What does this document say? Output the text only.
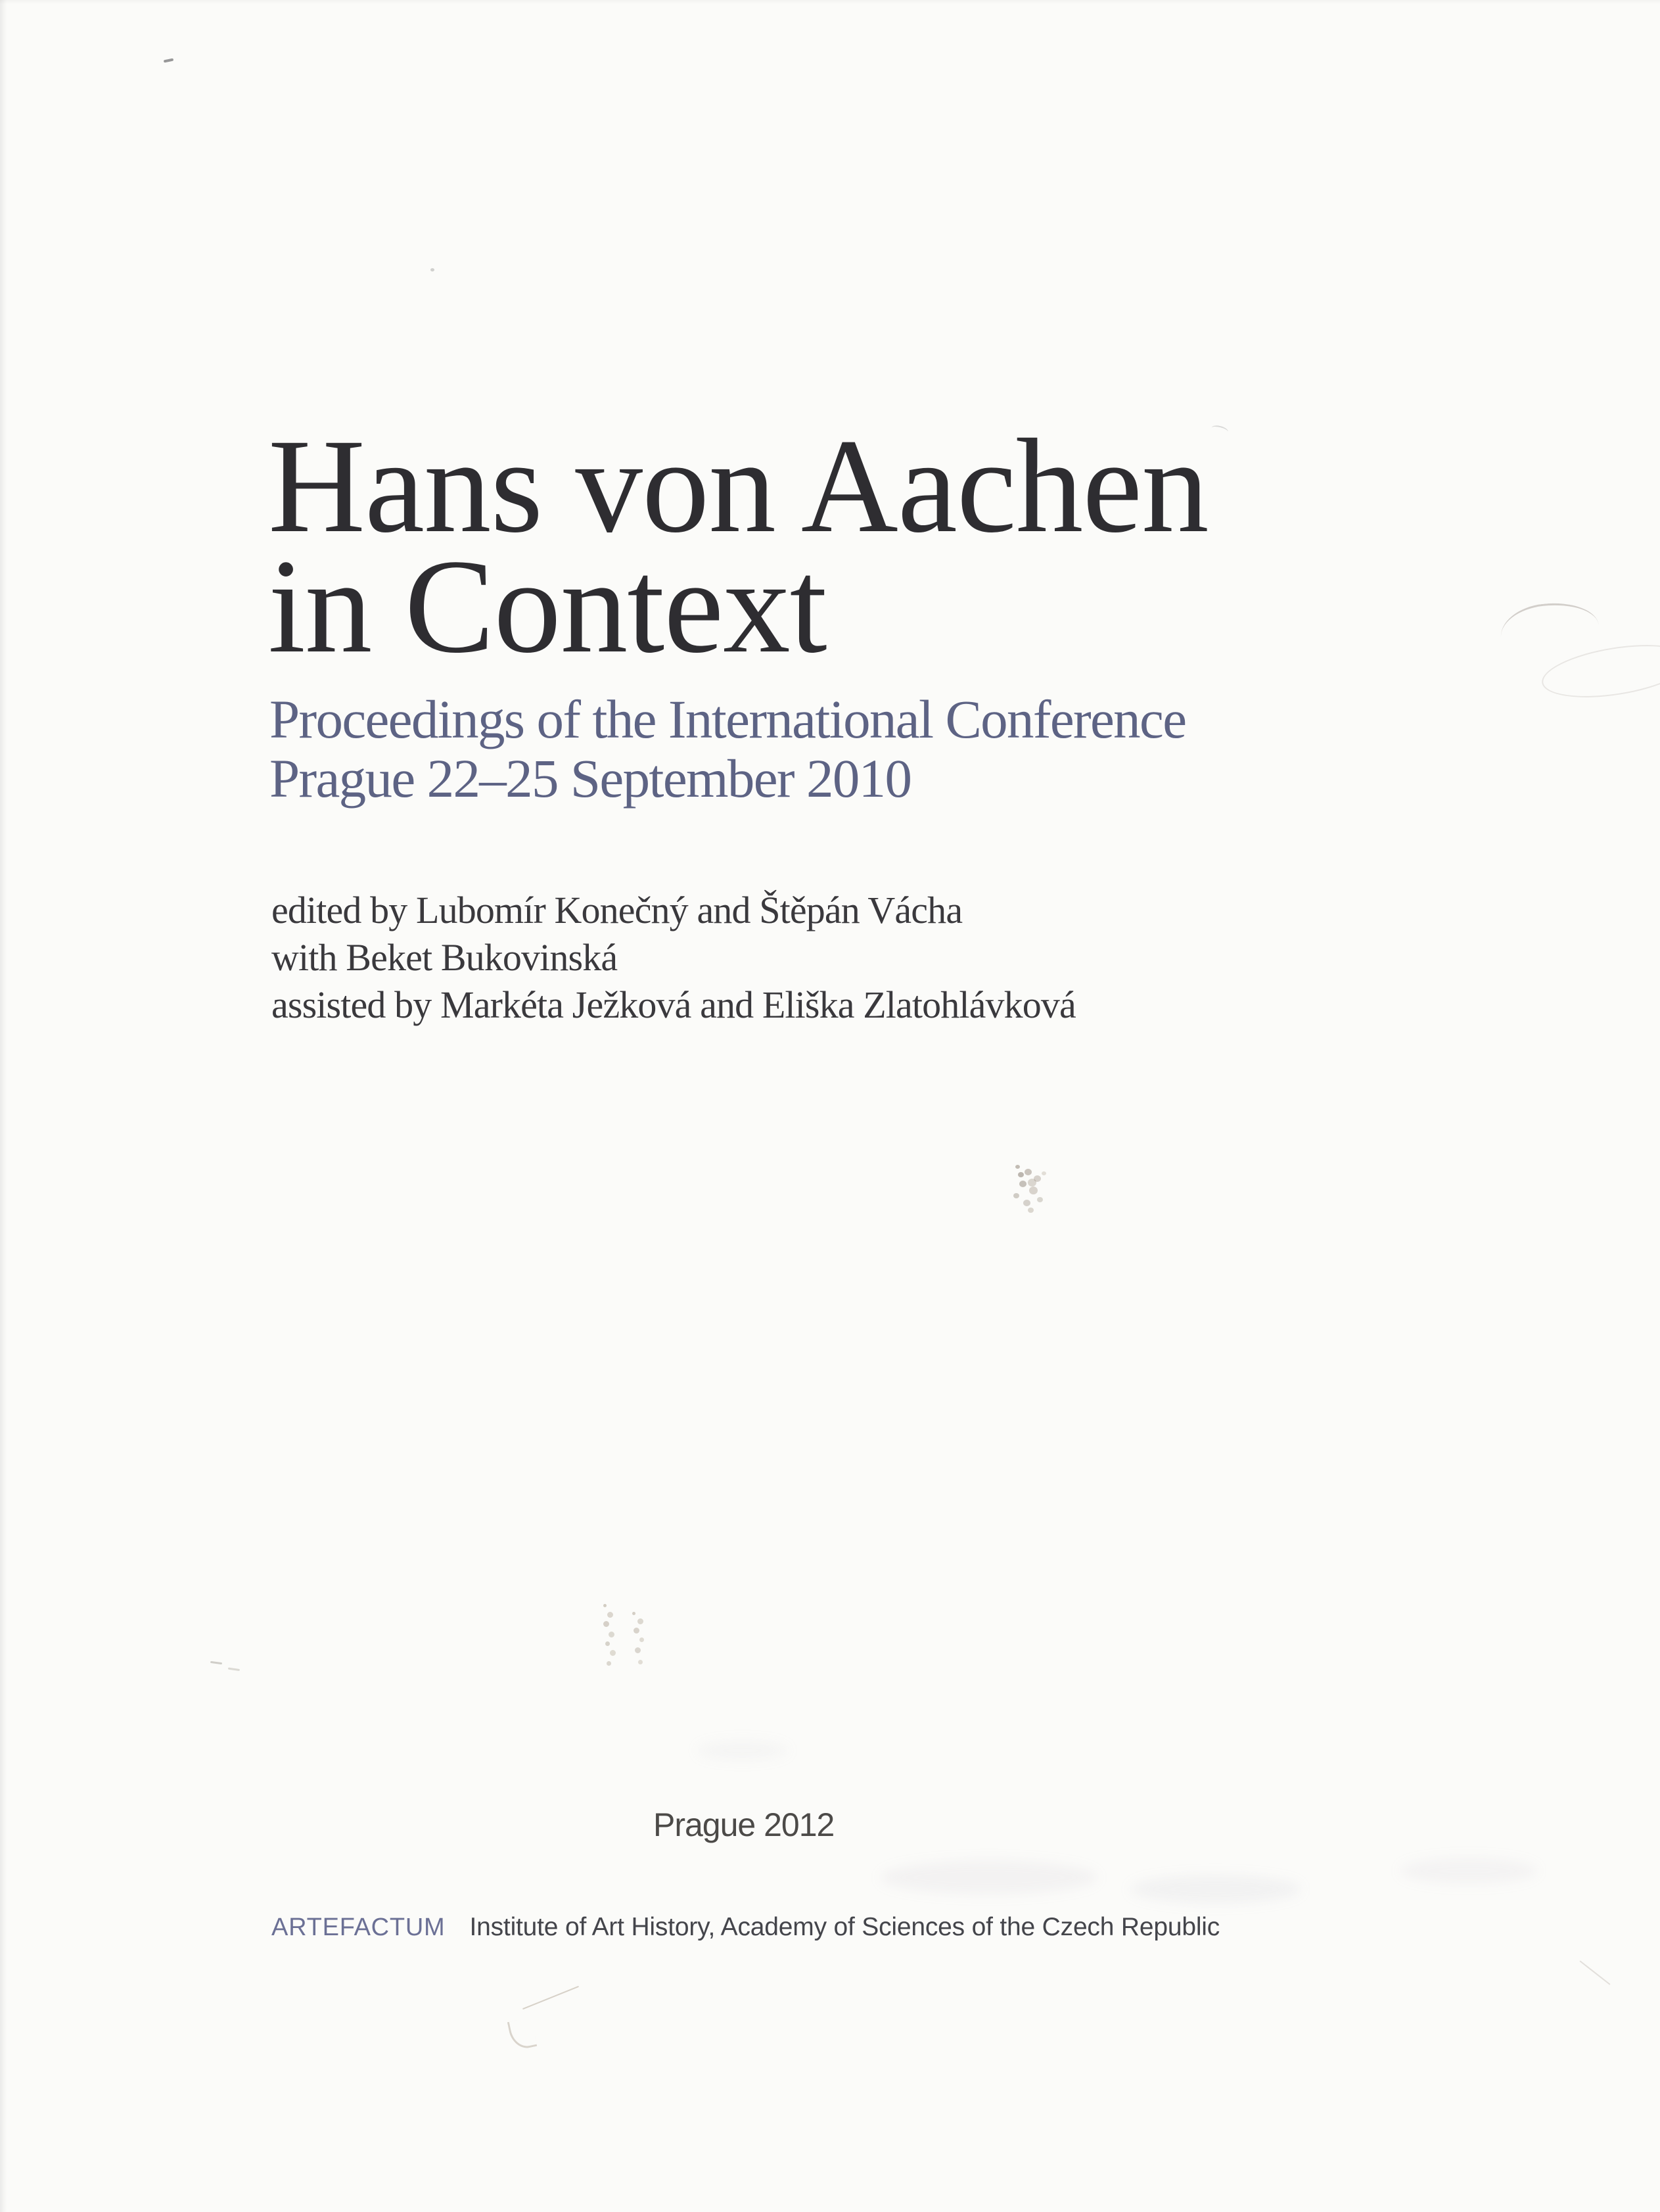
Hans von Aachen
in Context
Proceedings of the International Conference
Prague 22–25 September 2010
edited by Lubomír Konečný and Štěpán Vácha
with Beket Bukovinská
assisted by Markéta Ježková and Eliška Zlatohlávková
Prague 2012
ARTEFACTUM Institute of Art History, Academy of Sciences of the Czech Republic
